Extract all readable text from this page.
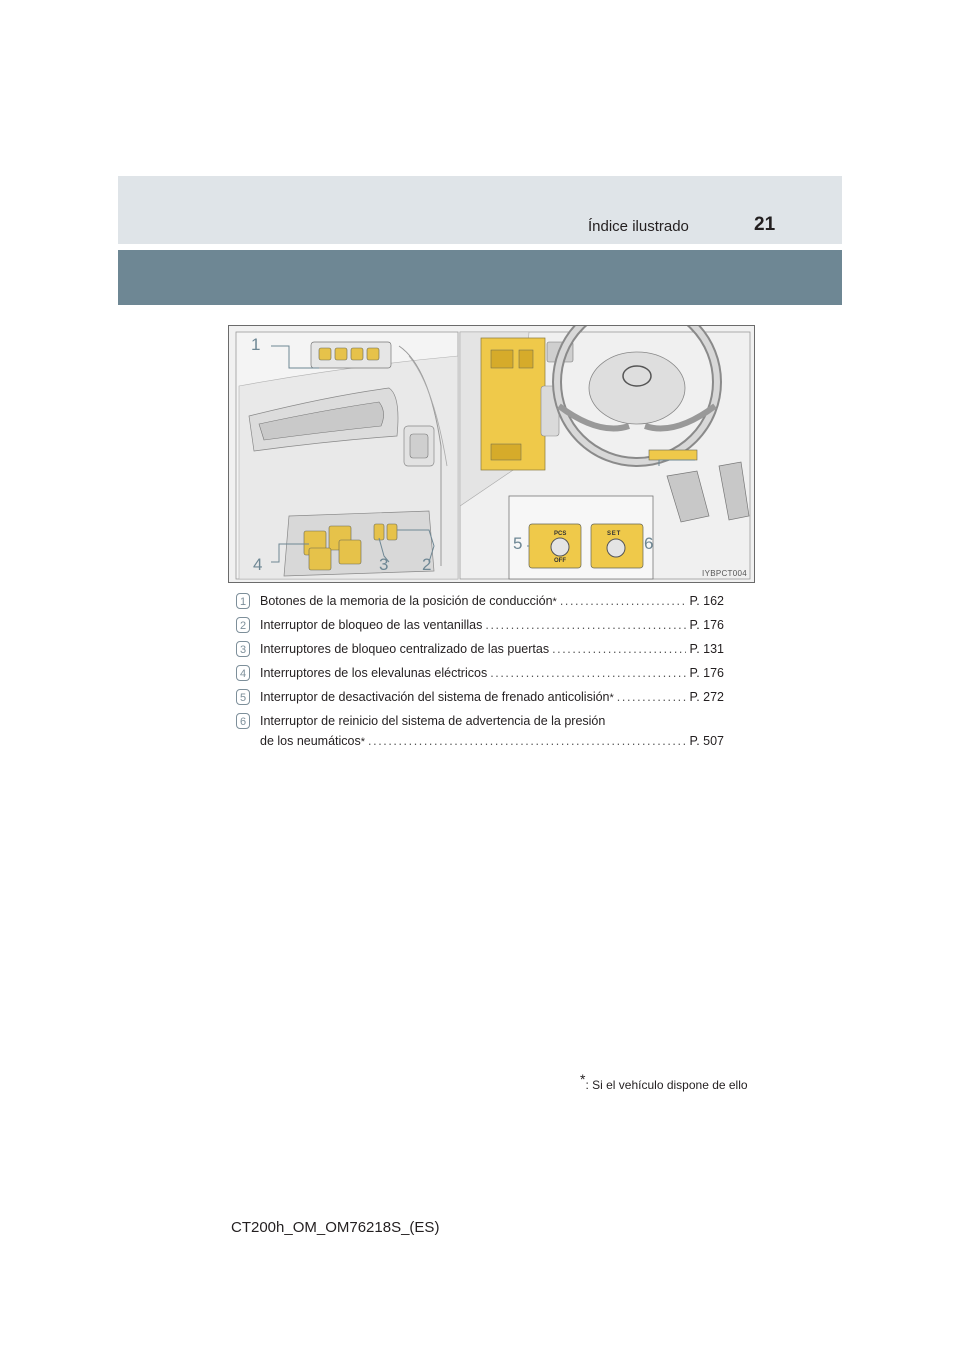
Índice ilustrado	21
PCS
OFF
SET
1
2
3
4
5	6
IYBPCT004
1	Botones de la memoria de la posición de conducción * .....	P. 162
2	Interruptor de bloqueo de las ventanillas .....	P. 176
3	Interruptores de bloqueo centralizado de las puertas .....	P. 131
4	Interruptores de los elevalunas eléctricos .....	P. 176
5	Interruptor de desactivación del sistema de frenado anticolisión * .....	P. 272
6	Interruptor de reinicio del sistema de advertencia de la presión
de los neumáticos * .....	P. 507
*: Si el vehículo dispone de ello
CT200h_OM_OM76218S_(ES)
